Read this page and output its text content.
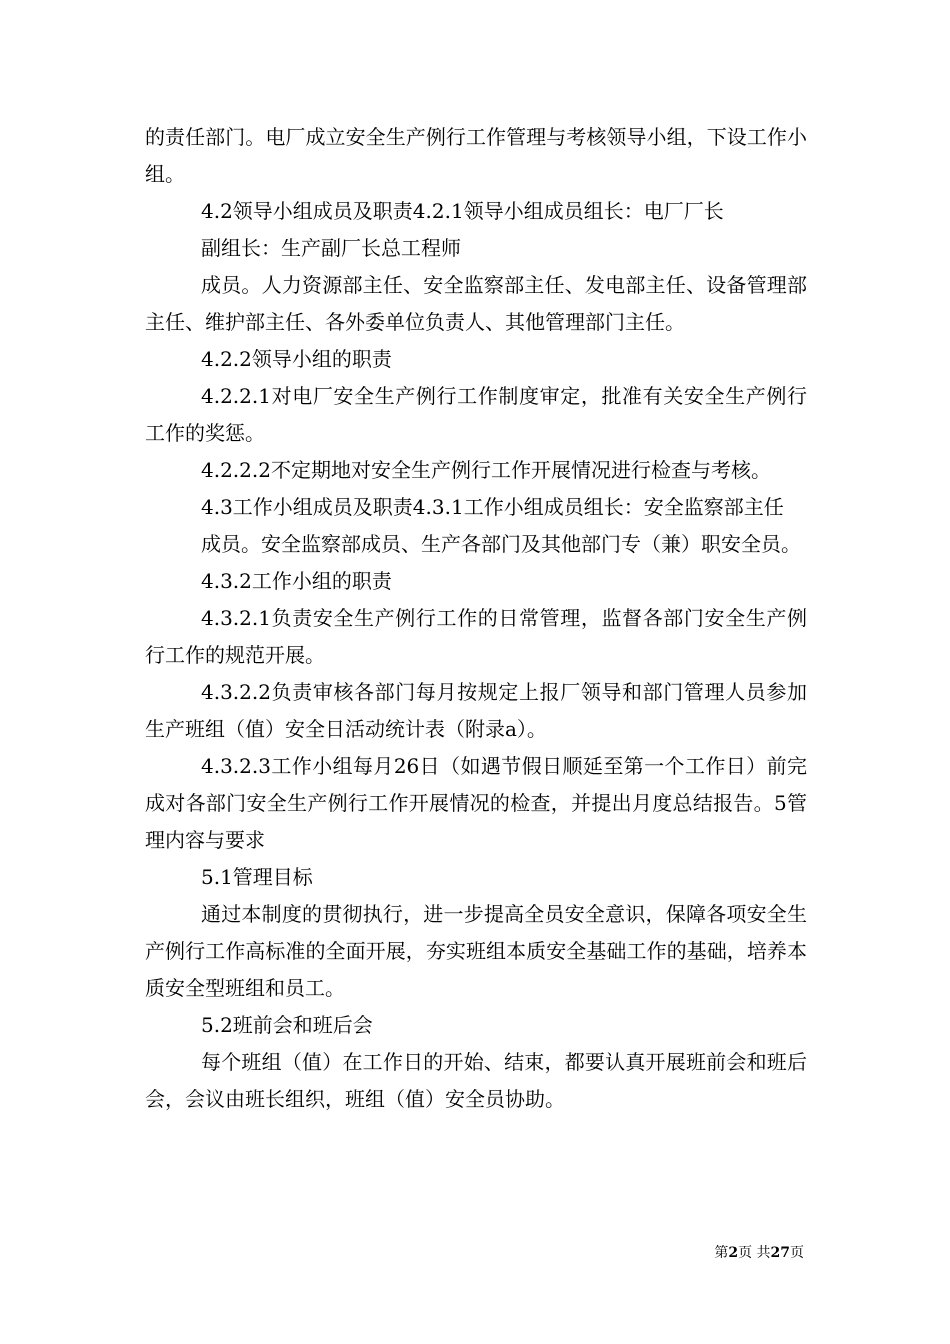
的责任部门。电厂成立安全生产例行工作管理与考核领导小组，下设工作小组。

4.2领导小组成员及职责4.2.1领导小组成员组长：电厂厂长

副组长：生产副厂长总工程师

成员。人力资源部主任、安全监察部主任、发电部主任、设备管理部主任、维护部主任、各外委单位负责人、其他管理部门主任。

4.2.2领导小组的职责

4.2.2.1对电厂安全生产例行工作制度审定，批准有关安全生产例行工作的奖惩。

4.2.2.2不定期地对安全生产例行工作开展情况进行检查与考核。

4.3工作小组成员及职责4.3.1工作小组成员组长：安全监察部主任

成员。安全监察部成员、生产各部门及其他部门专（兼）职安全员。

4.3.2工作小组的职责

4.3.2.1负责安全生产例行工作的日常管理，监督各部门安全生产例行工作的规范开展。

4.3.2.2负责审核各部门每月按规定上报厂领导和部门管理人员参加生产班组（值）安全日活动统计表（附录a）。

4.3.2.3工作小组每月26日（如遇节假日顺延至第一个工作日）前完成对各部门安全生产例行工作开展情况的检查，并提出月度总结报告。5管理内容与要求

5.1管理目标

通过本制度的贯彻执行，进一步提高全员安全意识，保障各项安全生产例行工作高标准的全面开展，夯实班组本质安全基础工作的基础，培养本质安全型班组和员工。

5.2班前会和班后会

每个班组（值）在工作日的开始、结束，都要认真开展班前会和班后会，会议由班长组织，班组（值）安全员协助。

第2页 共27页
